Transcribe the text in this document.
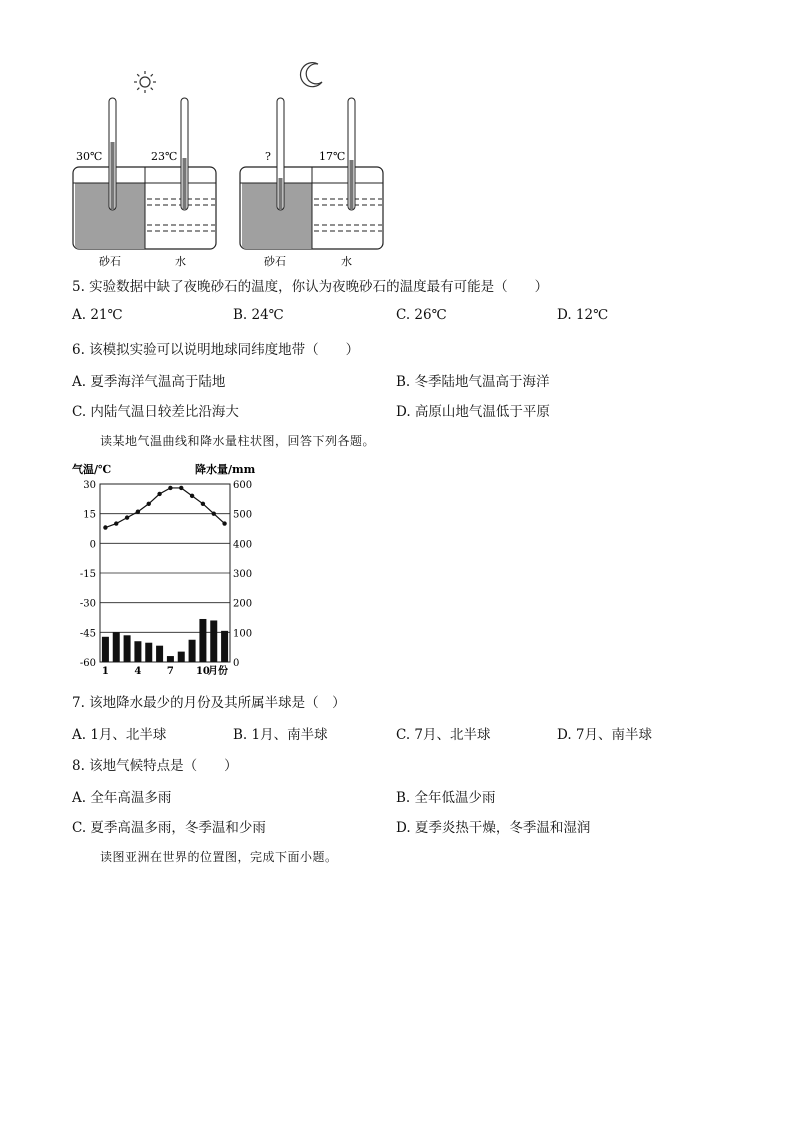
30℃	23℃
砂石	水
?	17℃
砂石	水
5. 实验数据中缺了夜晚砂石的温度，你认为夜晚砂石的温度最有可能是（　　）
A. 21℃	B. 24℃	C. 26℃	D. 12℃
6. 该模拟实验可以说明地球同纬度地带（　　）
A. 夏季海洋气温高于陆地	B. 冬季陆地气温高于海洋
C. 内陆气温日较差比沿海大	D. 高原山地气温低于平原
读某地气温曲线和降水量柱状图，回答下列各题。
30
15
0
-15
-30
-45
-60
600
500
400
300
200
100
0
1	4	7 10
月份
气温/℃	降水量/mm
7. 该地降水最少的月份及其所属半球是（　）
A. 1月、北半球	B. 1月、南半球	C. 7月、北半球	D. 7月、南半球
8. 该地气候特点是（　　）
A. 全年高温多雨	B. 全年低温少雨
C. 夏季高温多雨，冬季温和少雨	D. 夏季炎热干燥，冬季温和湿润
读图亚洲在世界的位置图，完成下面小题。
